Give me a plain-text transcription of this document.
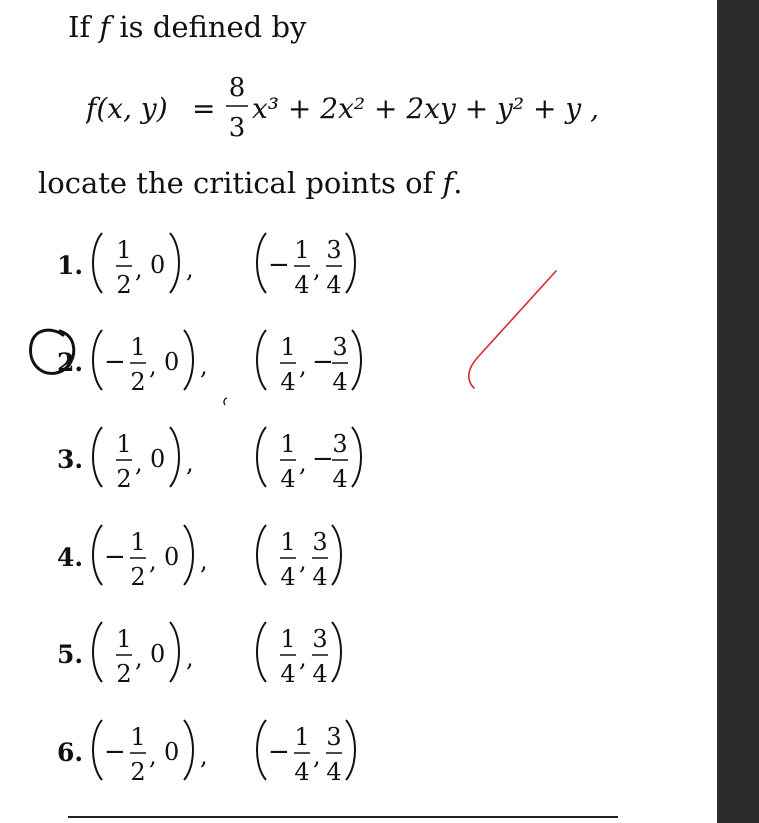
If f is defined by
f(x, y) =
8
3
x³ + 2x² + 2xy + y² + y ,
locate the critical points of f.
1.
1
2
, 0 ,	− 1
4
,
3
4
2. − 1
2
, 0 ,
1
4
, −
3
4
3.
1
2
, 0 ,
1
4
, −
3
4
4. − 1
2
, 0 ,
1
4
,
3
4
5.
1
2
, 0 ,
1
4
,
3
4
6. − 1
2
, 0 , − 1
4
,
3
4
